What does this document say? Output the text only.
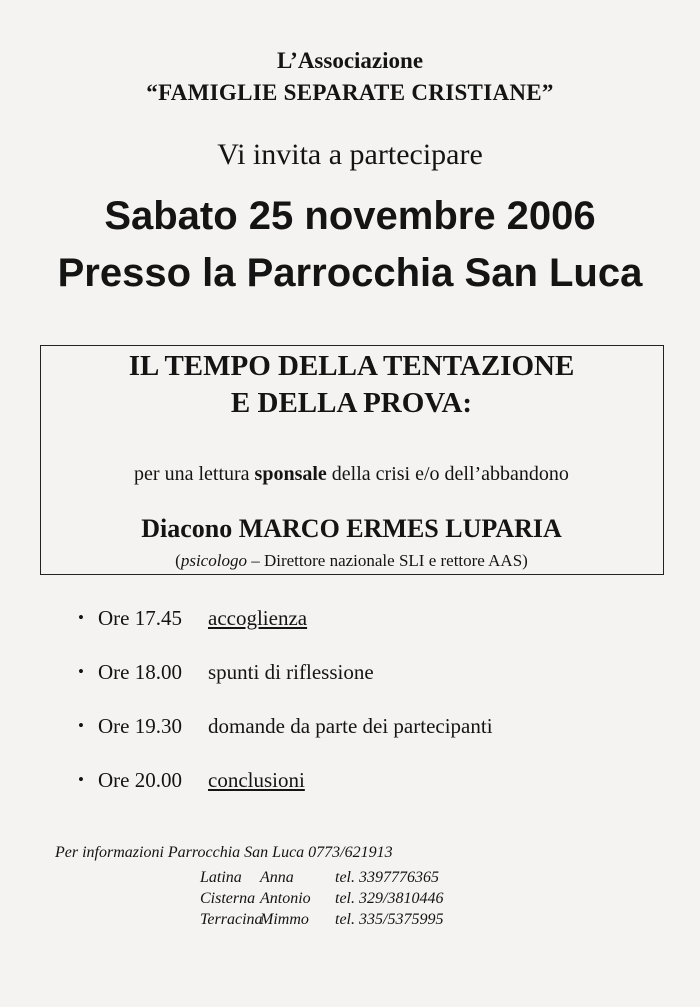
L’Associazione
“FAMIGLIE SEPARATE CRISTIANE”
Vi invita a partecipare
Sabato 25 novembre 2006
Presso la Parrocchia San Luca
IL TEMPO DELLA TENTAZIONE
E DELLA PROVA:
per una lettura sponsale della crisi e/o dell’abbandono
Diacono MARCO ERMES LUPARIA
(psicologo – Direttore nazionale SLI e rettore AAS)
• Ore 17.45 accoglienza
• Ore 18.00 spunti di riflessione
• Ore 19.30 domande da parte dei partecipanti
• Ore 20.00 conclusioni
Per informazioni Parrocchia San Luca 0773/621913
Latina Anna	tel. 3397776365
Cisterna Antonio tel. 329/3810446
TerracinaMimmo tel. 335/5375995
